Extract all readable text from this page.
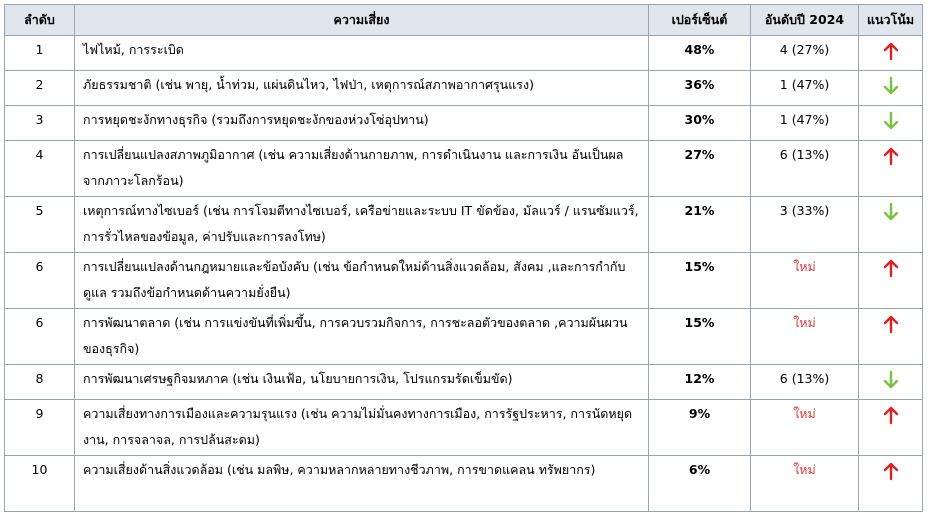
ลำดับ	ความเสี่ยง	เปอร์เซ็นต์	อันดับปี 2024	แนวโน้ม
1	ไฟไหม้, การระเบิด	48%	4 (27%)	
2	ภัยธรรมชาติ (เช่น พายุ, น้ำท่วม, แผ่นดินไหว, ไฟป่า, เหตุการณ์สภาพอากาศรุนแรง)	36%	1 (47%)	
3	การหยุดชะงักทางธุรกิจ (รวมถึงการหยุดชะงักของห่วงโซ่อุปทาน)	30%	1 (47%)	
4	การเปลี่ยนแปลงสภาพภูมิอากาศ (เช่น ความเสี่ยงด้านกายภาพ, การดำเนินงาน และการเงิน อันเป็นผลจากภาวะโลกร้อน)	27%	6 (13%)	
5	เหตุการณ์ทางไซเบอร์ (เช่น การโจมตีทางไซเบอร์, เครือข่ายและระบบ IT ขัดข้อง, มัลแวร์ / แรนซัมแวร์, การรั่วไหลของข้อมูล, ค่าปรับและการลงโทษ)	21%	3 (33%)	
6	การเปลี่ยนแปลงด้านกฎหมายและข้อบังคับ (เช่น ข้อกำหนดใหม่ด้านสิ่งแวดล้อม, สังคม ,และการกำกับดูแล รวมถึงข้อกำหนดด้านความยั่งยืน)	15%	ใหม่	
6	การพัฒนาตลาด (เช่น การแข่งขันที่เพิ่มขึ้น, การควบรวมกิจการ, การชะลอตัวของตลาด ,ความผันผวนของธุรกิจ)	15%	ใหม่	
8	การพัฒนาเศรษฐกิจมหภาค (เช่น เงินเฟ้อ, นโยบายการเงิน, โปรแกรมรัดเข็มขัด)	12%	6 (13%)	
9	ความเสี่ยงทางการเมืองและความรุนแรง (เช่น ความไม่มั่นคงทางการเมือง, การรัฐประหาร, การนัดหยุดงาน, การจลาจล, การปล้นสะดม)	9%	ใหม่	
10	ความเสี่ยงด้านสิ่งแวดล้อม (เช่น มลพิษ, ความหลากหลายทางชีวภาพ, การขาดแคลน ทรัพยากร)	6%	ใหม่	
